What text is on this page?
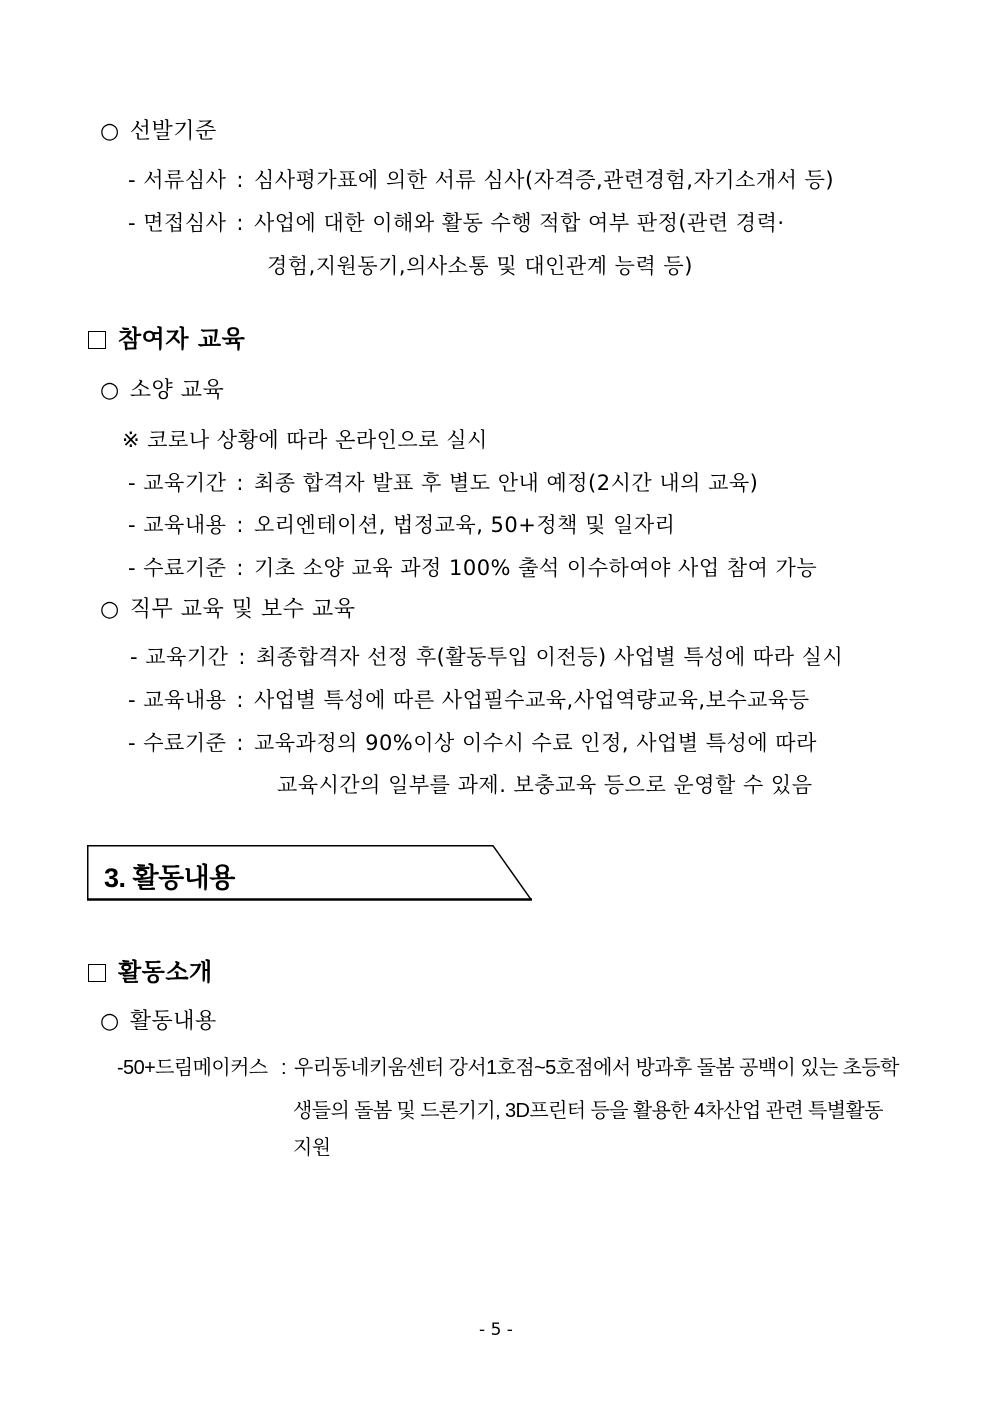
○ 선발기준
- 서류심사 : 심사평가표에 의한 서류 심사(자격증,관련경험,자기소개서 등)
- 면접심사 : 사업에 대한 이해와 활동 수행 적합 여부 판정(관련 경력·
경험,지원동기,의사소통 및 대인관계 능력 등)
참여자 교육
○ 소양 교육
※ 코로나 상황에 따라 온라인으로 실시
- 교육기간 : 최종 합격자 발표 후 별도 안내 예정(2시간 내의 교육)
- 교육내용 : 오리엔테이션, 법정교육, 50+정책 및 일자리
- 수료기준 : 기초 소양 교육 과정 100% 출석 이수하여야 사업 참여 가능
○ 직무 교육 및 보수 교육
- 교육기간 : 최종합격자 선정 후(활동투입 이전등) 사업별 특성에 따라 실시
- 교육내용 : 사업별 특성에 따른 사업필수교육,사업역량교육,보수교육등
- 수료기준 : 교육과정의 90%이상 이수시 수료 인정, 사업별 특성에 따라
교육시간의 일부를 과제. 보충교육 등으로 운영할 수 있음
3. 활동내용
활동소개
○ 활동내용
-50+드림메이커스 : 우리동네키움센터 강서1호점~5호점에서 방과후 돌봄 공백이 있는 초등학
생들의 돌봄 및 드론기기, 3D프린터 등을 활용한 4차산업 관련 특별활동
지원
- 5 -
